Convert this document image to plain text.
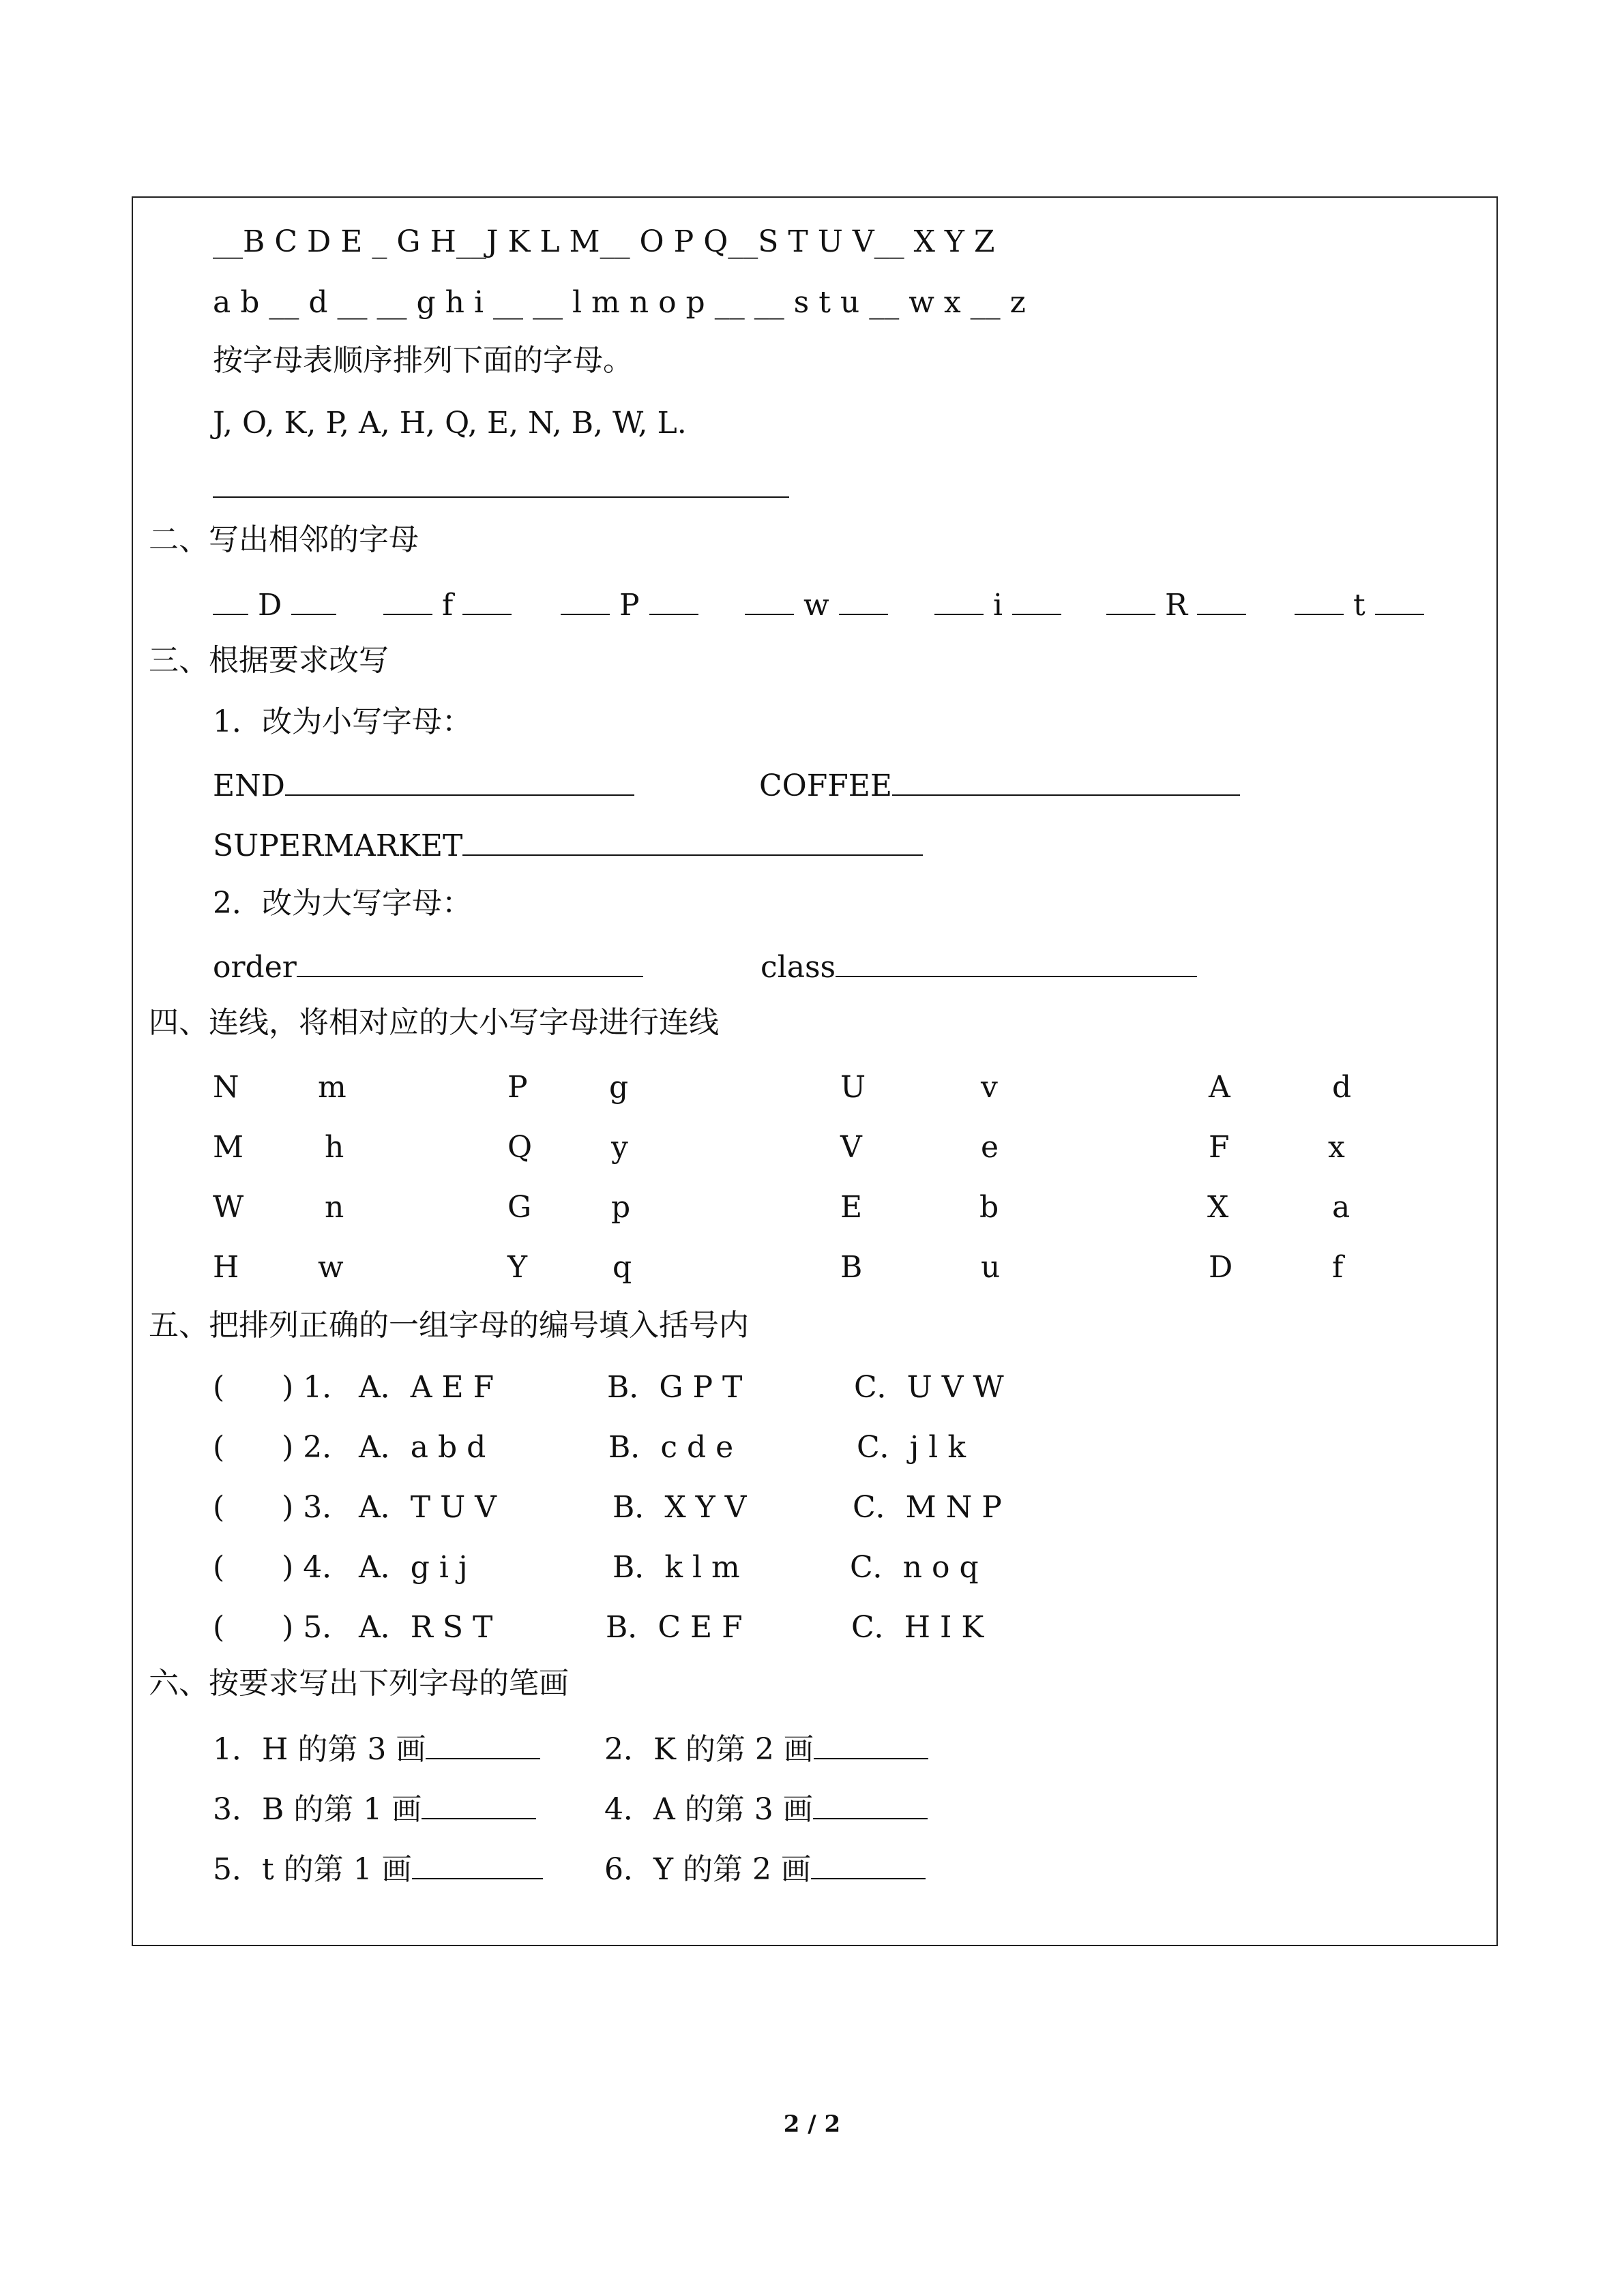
__B C D E _ G H__J K L M__ O P Q__S T U V__ X Y Z
a b __ d __ __ g h i __ __ l m n o p __ __ s t u __ w x __ z
按字母表顺序排列下面的字母。
J, O, K, P, A, H, Q, E, N, B, W, L.
二、写出相邻的字母
D	f	P	w	i	R	t
三、根据要求改写
1．改为小写字母：
END	COFFEE
SUPERMARKET
2．改为大写字母：
order	class
四、连线，将相对应的大小写字母进行连线
N	m	P	g	U	v	A	d
M	h	Q	y	V	e	F	x
W	n	G	p	E	b	X	a
H	w	Y	q	B	u	D	f
五、把排列正确的一组字母的编号填入括号内
(      ) 1． A．A E F	B．G P T	C．U V W
(      ) 2． A．a b d	B．c d e	C．j l k
(      ) 3． A．T U V	B．X Y V	C．M N P
(      ) 4． A．g i j	B．k l m	C．n o q
(      ) 5． A．R S T	B．C E F	C．H I K
六、按要求写出下列字母的笔画
1．H 的第 3 画	2．K 的第 2 画
3．B 的第 1 画	4．A 的第 3 画
5．t 的第 1 画	6．Y 的第 2 画
2 / 2
